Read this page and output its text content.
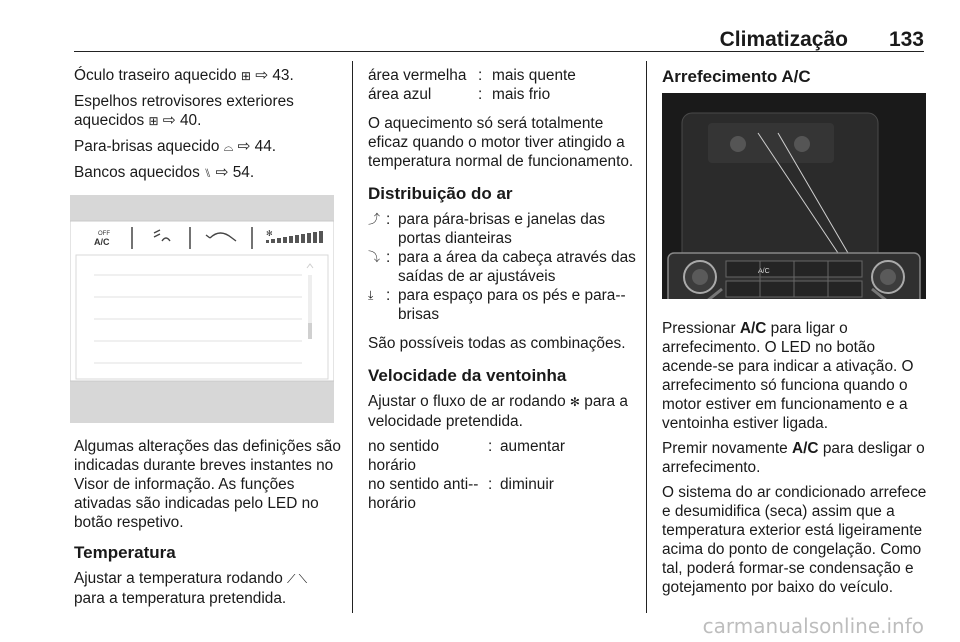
Climatização 133

Óculo traseiro aquecido ⊞ ⇨ 43.

Espelhos retrovisores exteriores aquecidos ⊞ ⇨ 40.

Para-brisas aquecido ⌓ ⇨ 44.

Bancos aquecidos ⑊ ⇨ 54.

OFF
A/C
✻

Algumas alterações das definições são indicadas durante breves instantes no Visor de informação. As funções ativadas são indicadas pelo LED no botão respetivo.

Temperatura

Ajustar a temperatura rodando ⟋ ⟍ para a temperatura pretendida.

área vermelha : mais quente
área azul	: mais frio

O aquecimento só será totalmente eficaz quando o motor tiver atingido a temperatura normal de funcionamento.

Distribuição do ar
⤴ : para pára-brisas e janelas das portas dianteiras
⤵ : para a área da cabeça através das saídas de ar ajustáveis
⤓ : para espaço para os pés e para--brisas

São possíveis todas as combinações.

Velocidade da ventoinha

Ajustar o fluxo de ar rodando ✻ para a velocidade pretendida.

no sentido horário
: aumentar
no sentido anti--horário
: diminuir
Arrefecimento A/C
A/C

Pressionar A/C para ligar o arrefecimento. O LED no botão acende-se para indicar a ativação. O arrefecimento só funciona quando o motor estiver em funcionamento e a ventoinha estiver ligada.

Premir novamente A/C para desligar o arrefecimento.

O sistema do ar condicionado arrefece e desumidifica (seca) assim que a temperatura exterior está ligeiramente acima do ponto de congelação. Como tal, poderá formar-se condensação e gotejamento por baixo do veículo.

carmanualsonline.info
